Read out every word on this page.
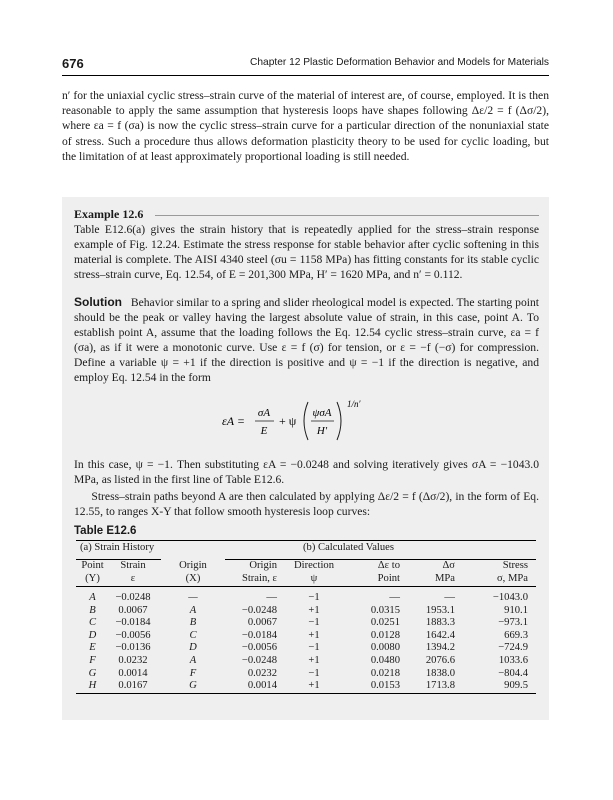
676	Chapter 12 Plastic Deformation Behavior and Models for Materials
n′ for the uniaxial cyclic stress–strain curve of the material of interest are, of course, employed. It is then reasonable to apply the same assumption that hysteresis loops have shapes following Δε/2 = f (Δσ/2), where εa = f (σa) is now the cyclic stress–strain curve for a particular direction of the nonuniaxial state of stress. Such a procedure thus allows deformation plasticity theory to be used for cyclic loading, but the limitation of at least approximately proportional loading is still needed.
Example 12.6
Table E12.6(a) gives the strain history that is repeatedly applied for the stress–strain response example of Fig. 12.24. Estimate the stress response for stable behavior after cyclic softening in this material is complete. The AISI 4340 steel (σu = 1158 MPa) has fitting constants for its stable cyclic stress–strain curve, Eq. 12.54, of E = 201,300 MPa, H′ = 1620 MPa, and n′ = 0.112.
Solution Behavior similar to a spring and slider rheological model is expected. The starting point should be the peak or valley having the largest absolute value of strain, in this case, point A. To establish point A, assume that the loading follows the Eq. 12.54 cyclic stress–strain curve, εa = f (σa), as if it were a monotonic curve. Use ε = f (σ) for tension, or ε = −f (−σ) for compression. Define a variable ψ = +1 if the direction is positive and ψ = −1 if the direction is negative, and employ Eq. 12.54 in the form
εA =
σA
E
+ ψ
ψσA
H′
1/n′
In this case, ψ = −1. Then substituting εA = −0.0248 and solving iteratively gives σA = −1043.0 MPa, as listed in the first line of Table E12.6.
Stress–strain paths beyond A are then calculated by applying Δε/2 = f (Δσ/2), in the form of Eq. 12.55, to ranges X-Y that follow smooth hysteresis loop curves:
Table E12.6
(a) Strain History		(b) Calculated Values					

Point	Strain	Origin	Origin	Direction	Δε to	Δσ	Stress
(Y)	ε	(X)	Strain, ε	ψ	Point	MPa	σ, MPa

A	−0.0248	—	—	−1	—	—	−1043.0
B	0.0067	A	−0.0248	+1	0.0315	1953.1	910.1
C	−0.0184	B	0.0067	−1	0.0251	1883.3	−973.1
D	−0.0056	C	−0.0184	+1	0.0128	1642.4	669.3
E	−0.0136	D	−0.0056	−1	0.0080	1394.2	−724.9
F	0.0232	A	−0.0248	+1	0.0480	2076.6	1033.6
G	0.0014	F	0.0232	−1	0.0218	1838.0	−804.4
H	0.0167	G	0.0014	+1	0.0153	1713.8	909.5
